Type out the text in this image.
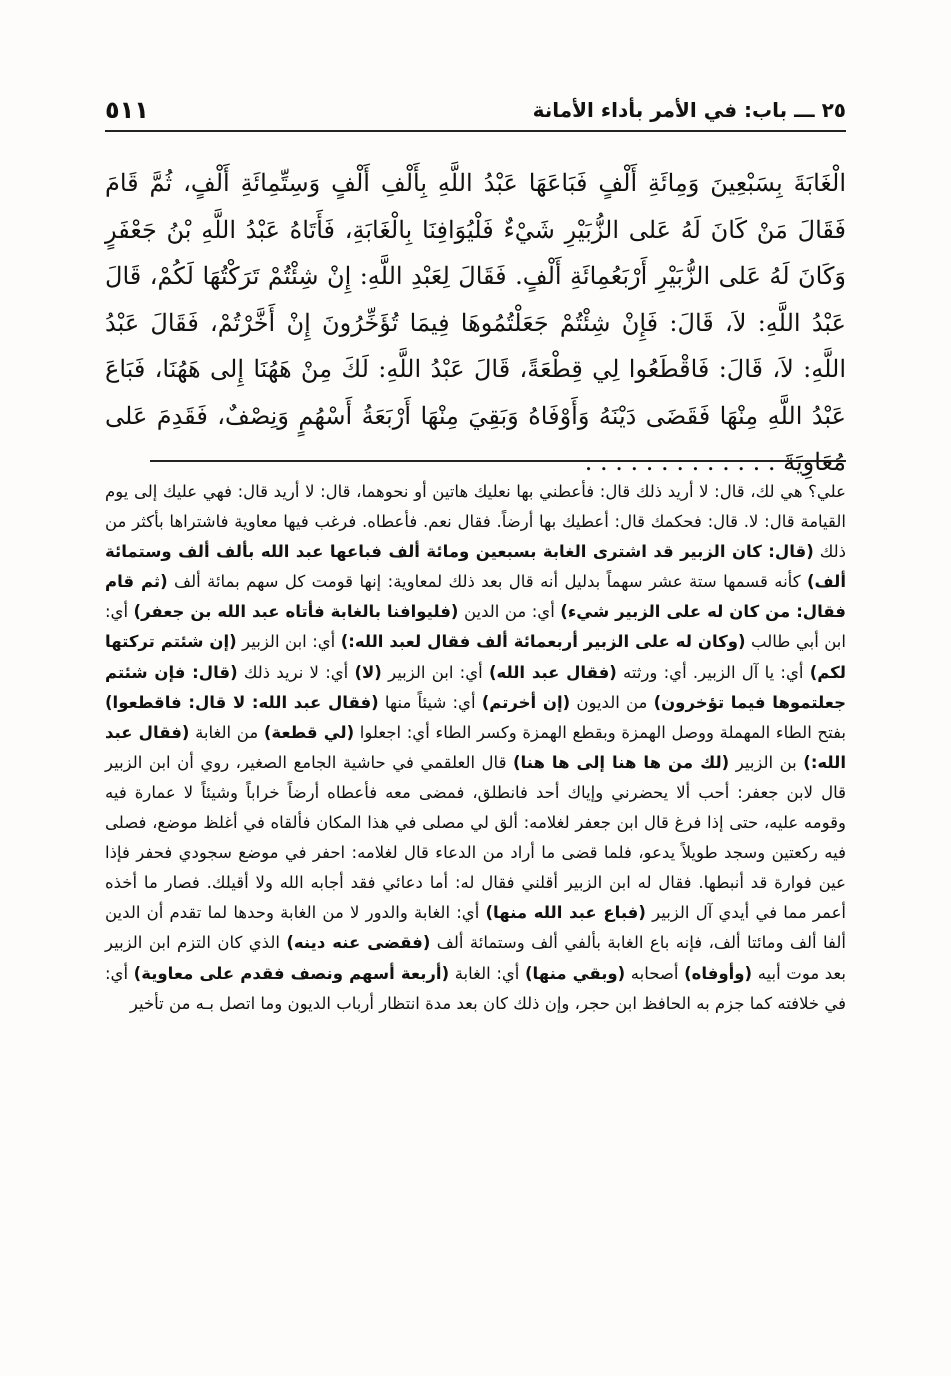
٥١١	٢٥ ـــ باب: في الأمر بأداء الأمانة

الْغَابَةَ بِسَبْعِينَ وَمِائَةِ أَلْفٍ فَبَاعَهَا عَبْدُ اللَّهِ بِأَلْفِ أَلْفٍ وَسِتِّمِائَةِ أَلْفٍ، ثُمَّ قَامَ فَقَالَ مَنْ كَانَ لَهُ عَلى الزُّبَيْرِ شَيْءٌ فَلْيُوَافِنَا بِالْغَابَةِ، فَأَتَاهُ عَبْدُ اللَّهِ بْنُ جَعْفَرٍ وَكَانَ لَهُ عَلى الزُّبَيْرِ أَرْبَعُمِائَةِ أَلْفٍ. فَقَالَ لِعَبْدِ اللَّهِ: إِنْ شِئْتُمْ تَرَكْتُهَا لَكُمْ، قَالَ عَبْدُ اللَّهِ: لاَ، قَالَ: فَإِنْ شِئْتُمْ جَعَلْتُمُوهَا فِيمَا تُؤَخِّرُونَ إِنْ أَخَّرْتُمْ، فَقَالَ عَبْدُ اللَّهِ: لاَ، قَالَ: فَاقْطَعُوا لِي قِطْعَةً، قَالَ عَبْدُ اللَّهِ: لَكَ مِنْ هَهُنَا إِلى هَهُنَا، فَبَاعَ عَبْدُ اللَّهِ مِنْهَا فَقَضَى دَيْنَهُ وَأَوْفَاهُ وَبَقِيَ مِنْهَا أَرْبَعَةُ أَسْهُمٍ وَنِصْفٌ، فَقَدِمَ عَلى مُعَاوِيَةَ . . . . . . . . . . . . .

علي؟ هي لك، قال: لا أريد ذلك قال: فأعطني بها نعليك هاتين أو نحوهما، قال: لا أريد قال: فهي عليك إلى يوم القيامة قال: لا. قال: فحكمك قال: أعطيك بها أرضاً. فقال نعم. فأعطاه. فرغب فيها معاوية فاشتراها بأكثر من ذلك (قال: كان الزبير قد اشترى الغابة بسبعين ومائة ألف فباعها عبد الله بألف ألف وستمائة ألف) كأنه قسمها ستة عشر سهماً بدليل أنه قال بعد ذلك لمعاوية: إنها قومت كل سهم بمائة ألف (ثم قام فقال: من كان له على الزبير شيء) أي: من الدين (فليوافنا بالغابة فأتاه عبد الله بن جعفر) أي: ابن أبي طالب (وكان له على الزبير أربعمائة ألف فقال لعبد الله:) أي: ابن الزبير (إن شئتم تركتها لكم) أي: يا آل الزبير. أي: ورثته (فقال عبد الله) أي: ابن الزبير (لا) أي: لا نريد ذلك (قال: فإن شئتم جعلتموها فيما تؤخرون) من الديون (إن أخرتم) أي: شيئاً منها (فقال عبد الله: لا قال: فاقطعوا) بفتح الطاء المهملة ووصل الهمزة وبقطع الهمزة وكسر الطاء أي: اجعلوا (لي قطعة) من الغابة (فقال عبد الله:) بن الزبير (لك من ها هنا إلى ها هنا) قال العلقمي في حاشية الجامع الصغير، روي أن ابن الزبير قال لابن جعفر: أحب ألا يحضرني وإياك أحد فانطلق، فمضى معه فأعطاه أرضاً خراباً وشيئاً لا عمارة فيه وقومه عليه، حتى إذا فرغ قال ابن جعفر لغلامه: ألق لي مصلى في هذا المكان فألقاه في أغلظ موضع، فصلى فيه ركعتين وسجد طويلاً يدعو، فلما قضى ما أراد من الدعاء قال لغلامه: احفر في موضع سجودي فحفر فإذا عين فوارة قد أنبطها. فقال له ابن الزبير أقلني فقال له: أما دعائي فقد أجابه الله ولا أقيلك. فصار ما أخذه أعمر مما في أيدي آل الزبير (فباع عبد الله منها) أي: الغابة والدور لا من الغابة وحدها لما تقدم أن الدين ألفا ألف ومائتا ألف، فإنه باع الغابة بألفي ألف وستمائة ألف (فقضى عنه دينه) الذي كان التزم ابن الزبير بعد موت أبيه (وأوفاه) أصحابه (وبقي منها) أي: الغابة (أربعة أسهم ونصف فقدم على معاوية) أي: في خلافته كما جزم به الحافظ ابن حجر، وإن ذلك كان بعد مدة انتظار أرباب الديون وما اتصل بـه من تأخير
